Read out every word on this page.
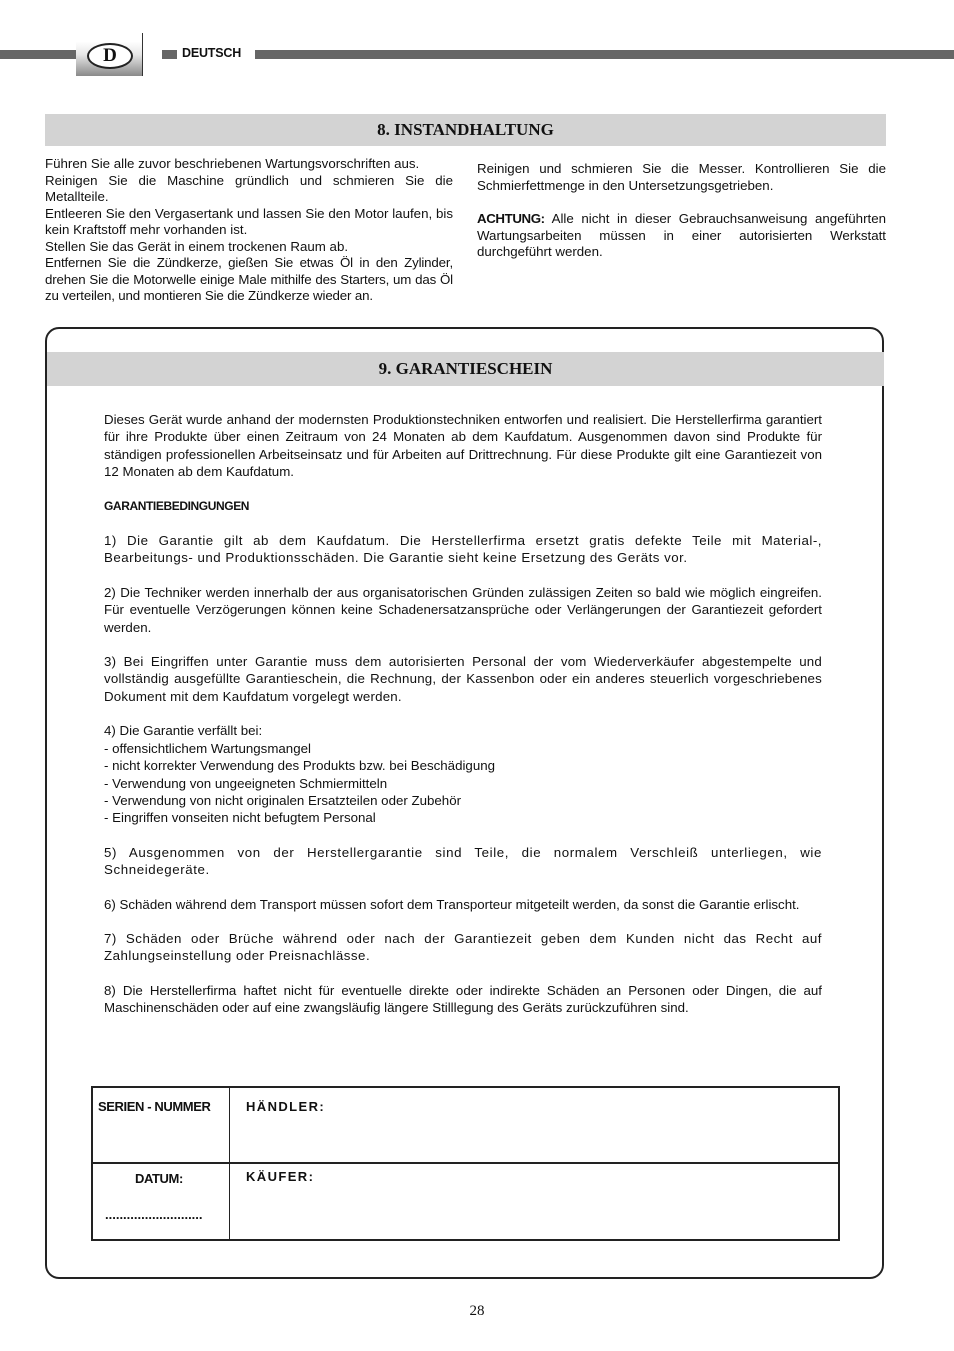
D	DEUTSCH
8. INSTANDHALTUNG

Führen Sie alle zuvor beschriebenen Wartungsvorschriften aus.

Reinigen Sie die Maschine gründlich und schmieren Sie die Metallteile.

Entleeren Sie den Vergasertank und lassen Sie den Motor laufen, bis kein Kraftstoff mehr vorhanden ist.

Stellen Sie das Gerät in einem trockenen Raum ab.

Entfernen Sie die Zündkerze, gießen Sie etwas Öl in den Zylinder, drehen Sie die Motorwelle einige Male mithilfe des Starters, um das Öl zu verteilen, und montieren Sie die Zündkerze wieder an.

Reinigen und schmieren Sie die Messer. Kontrollieren Sie die Schmierfettmenge in den Untersetzungsgetrieben.

ACHTUNG: Alle nicht in dieser Gebrauchsanweisung angeführten Wartungsarbeiten müssen in einer autorisierten Werkstatt durchgeführt werden.

9. GARANTIESCHEIN

Dieses Gerät wurde anhand der modernsten Produktionstechniken entworfen und realisiert. Die Herstellerfirma garantiert für ihre Produkte über einen Zeitraum von 24 Monaten ab dem Kaufdatum. Ausgenommen davon sind Produkte für ständigen professionellen Arbeitseinsatz und für Arbeiten auf Drittrechnung. Für diese Produkte gilt eine Garantiezeit von 12 Monaten ab dem Kaufdatum.

GARANTIEBEDINGUNGEN

1) Die Garantie gilt ab dem Kaufdatum. Die Herstellerfirma ersetzt gratis defekte Teile mit Material-, Bearbeitungs- und Produktionsschäden. Die Garantie sieht keine Ersetzung des Geräts vor.

2) Die Techniker werden innerhalb der aus organisatorischen Gründen zulässigen Zeiten so bald wie möglich eingreifen. Für eventuelle Verzögerungen können keine Schadenersatzansprüche oder Verlängerungen der Garantiezeit gefordert werden.

3) Bei Eingriffen unter Garantie muss dem autorisierten Personal der vom Wiederverkäufer abgestempelte und vollständig ausgefüllte Garantieschein, die Rechnung, der Kassenbon oder ein anderes steuerlich vorgeschriebenes Dokument mit dem Kaufdatum vorgelegt werden.

4) Die Garantie verfällt bei:

- offensichtlichem Wartungsmangel

- nicht korrekter Verwendung des Produkts bzw. bei Beschädigung

- Verwendung von ungeeigneten Schmiermitteln

- Verwendung von nicht originalen Ersatzteilen oder Zubehör

- Eingriffen vonseiten nicht befugtem Personal

5) Ausgenommen von der Herstellergarantie sind Teile, die normalem Verschleiß unterliegen, wie Schneidegeräte.

6) Schäden während dem Transport müssen sofort dem Transporteur mitgeteilt werden, da sonst die Garantie erlischt.

7) Schäden oder Brüche während oder nach der Garantiezeit geben dem Kunden nicht das Recht auf Zahlungseinstellung oder Preisnachlässe.

8) Die Herstellerfirma haftet nicht für eventuelle direkte oder indirekte Schäden an Personen oder Dingen, die auf Maschinenschäden oder auf eine zwangsläufig längere Stilllegung des Geräts zurückzuführen sind.

SERIEN - NUMMER	HÄNDLER:
DATUM:
...........................
KÄUFER:
28
